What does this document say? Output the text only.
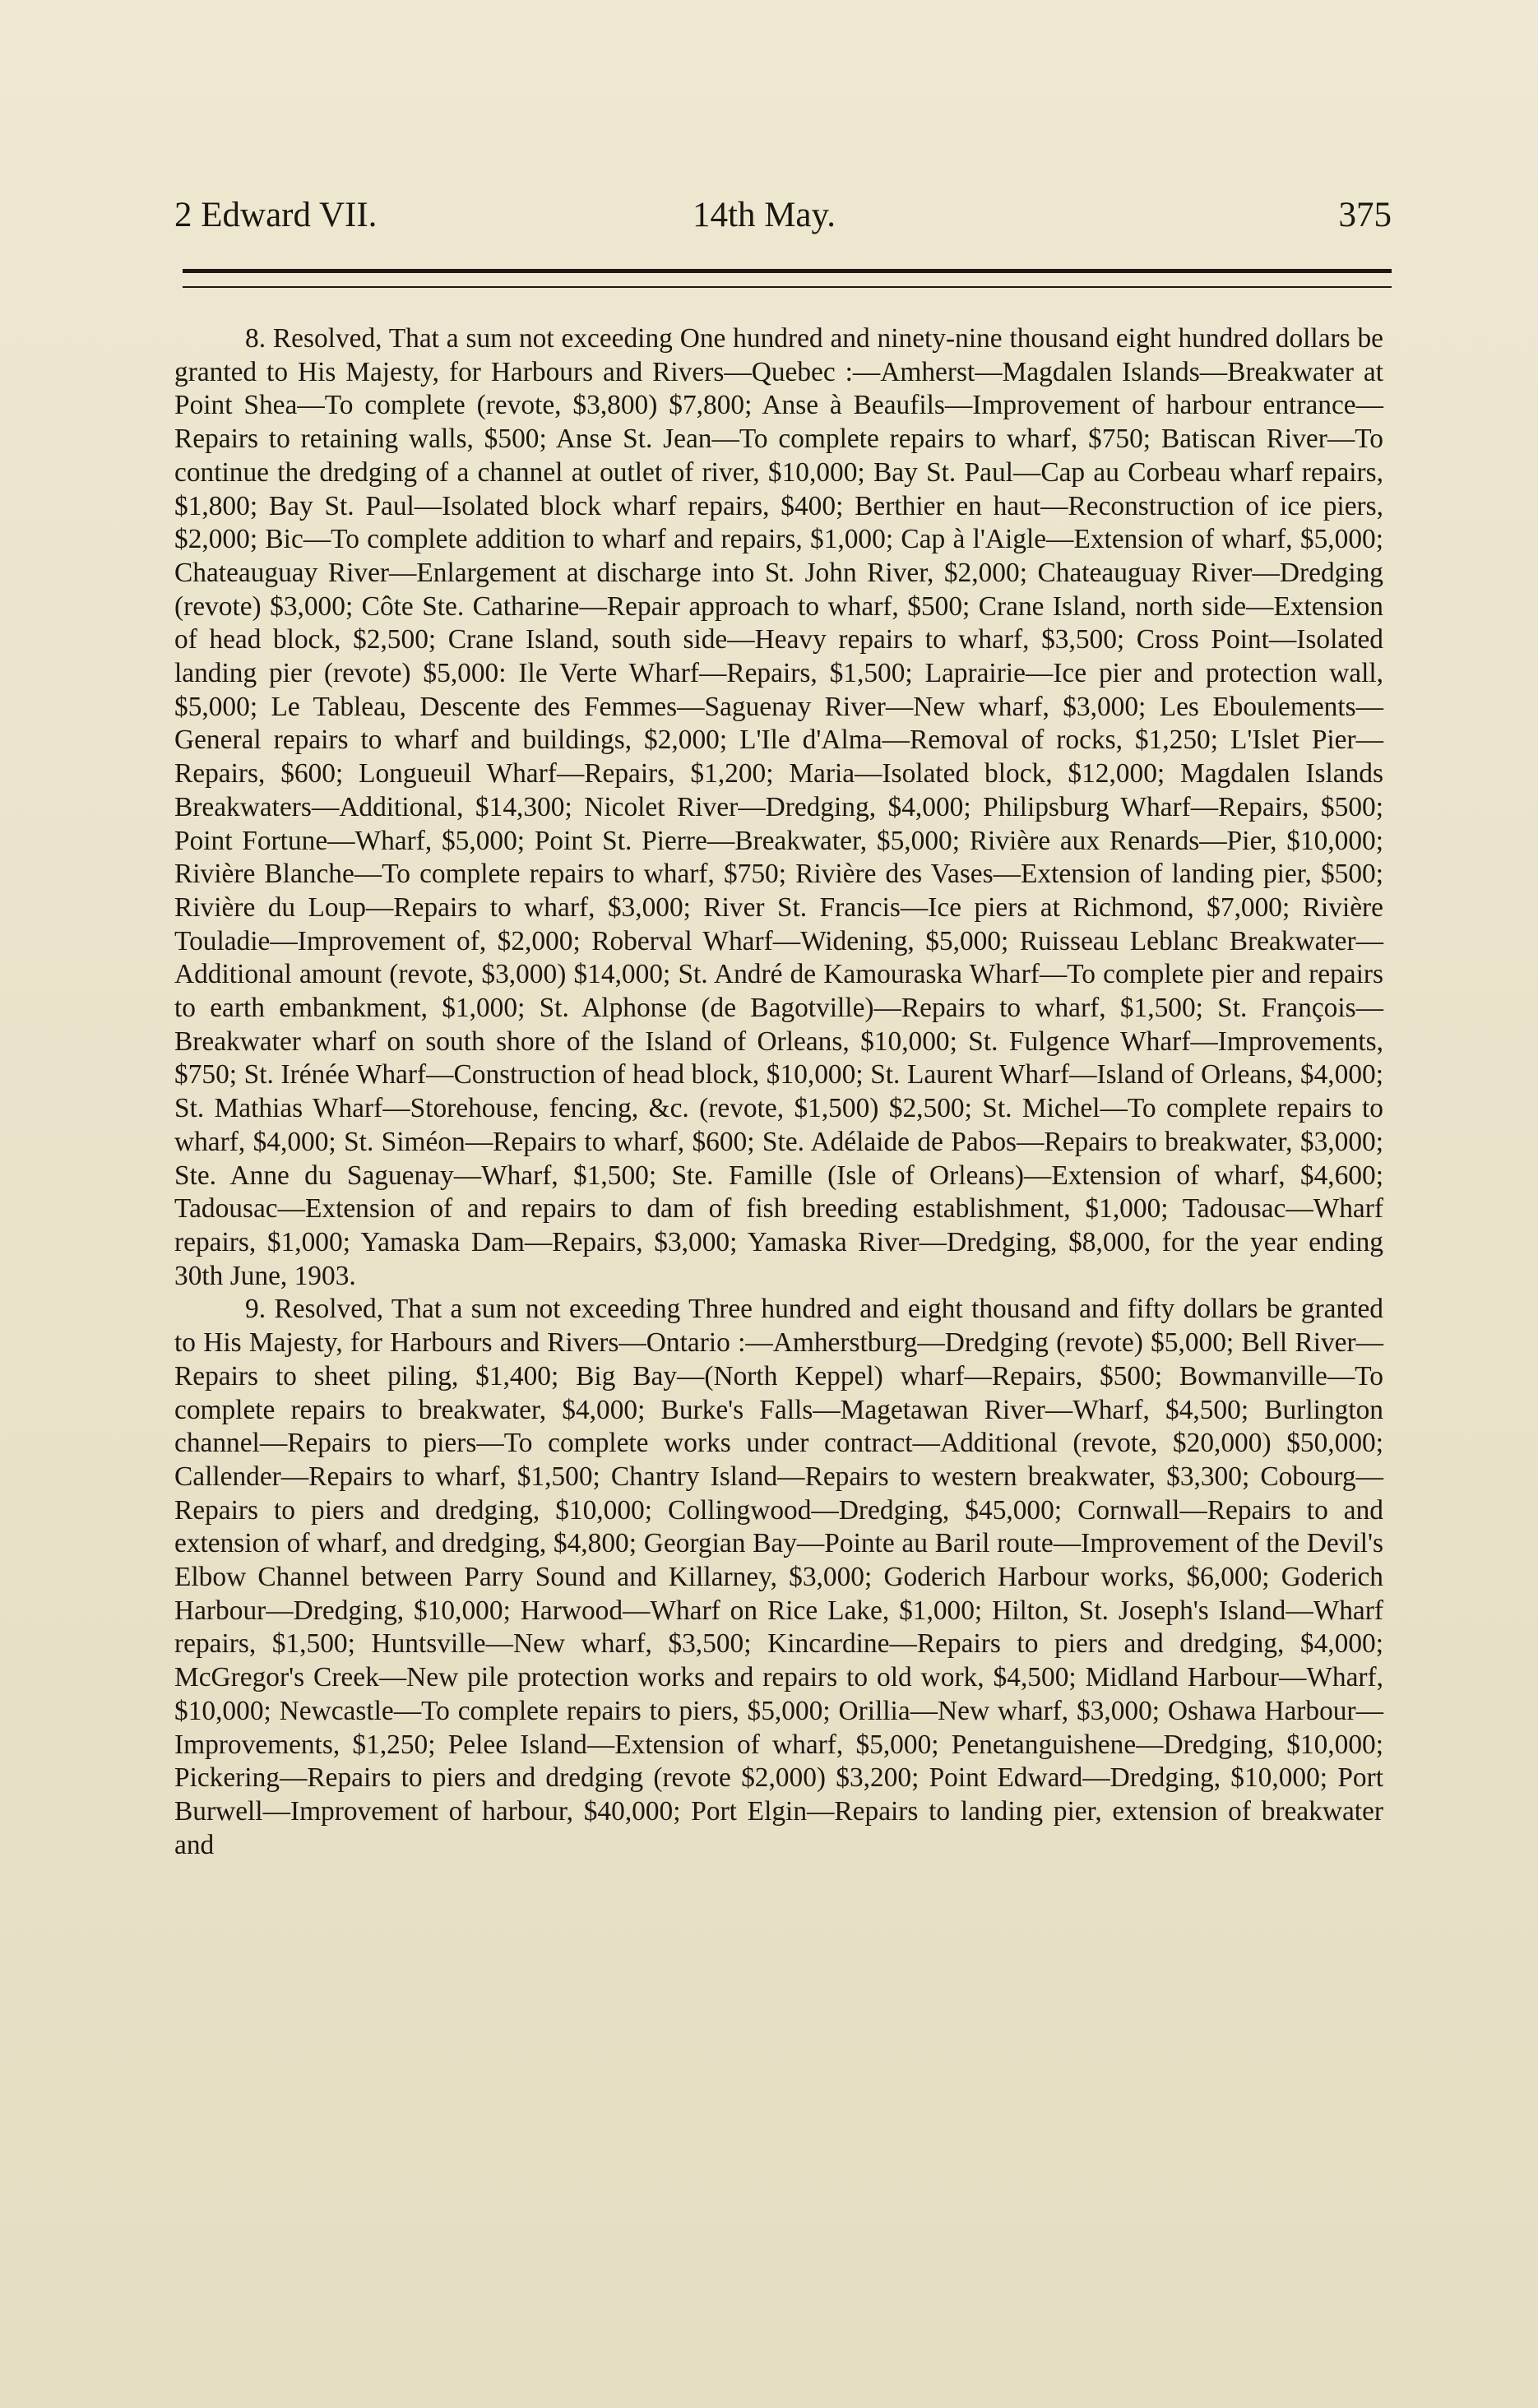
2 Edward VII.	14th May.	375

8. Resolved, That a sum not exceeding One hundred and ninety-nine thousand eight hundred dollars be granted to His Majesty, for Harbours and Rivers—Quebec :—Amherst—Magdalen Islands—Breakwater at Point Shea—To complete (revote, $3,800) $7,800; Anse à Beaufils—Improvement of harbour entrance—Repairs to retaining walls, $500; Anse St. Jean—To complete repairs to wharf, $750; Batiscan River—To continue the dredging of a channel at outlet of river, $10,000; Bay St. Paul—Cap au Corbeau wharf repairs, $1,800; Bay St. Paul—Isolated block wharf repairs, $400; Berthier en haut—Reconstruction of ice piers, $2,000; Bic—To complete addition to wharf and repairs, $1,000; Cap à l'Aigle—Extension of wharf, $5,000; Chateauguay River—Enlargement at discharge into St. John River, $2,000; Chateauguay River—Dredging (revote) $3,000; Côte Ste. Catharine—Repair approach to wharf, $500; Crane Island, north side—Extension of head block, $2,500; Crane Island, south side—Heavy repairs to wharf, $3,500; Cross Point—Isolated landing pier (revote) $5,000: Ile Verte Wharf—Repairs, $1,500; Laprairie—Ice pier and protection wall, $5,000; Le Tableau, Descente des Femmes—Saguenay River—New wharf, $3,000; Les Eboulements—General repairs to wharf and buildings, $2,000; L'Ile d'Alma—Removal of rocks, $1,250; L'Islet Pier—Repairs, $600; Longueuil Wharf—Repairs, $1,200; Maria—Isolated block, $12,000; Magdalen Islands Breakwaters—Additional, $14,300; Nicolet River—Dredging, $4,000; Philipsburg Wharf—Repairs, $500; Point Fortune—Wharf, $5,000; Point St. Pierre—Breakwater, $5,000; Rivière aux Renards—Pier, $10,000; Rivière Blanche—To complete repairs to wharf, $750; Rivière des Vases—Extension of landing pier, $500; Rivière du Loup—Repairs to wharf, $3,000; River St. Francis—Ice piers at Richmond, $7,000; Rivière Touladie—Improvement of, $2,000; Roberval Wharf—Widening, $5,000; Ruisseau Leblanc Breakwater—Additional amount (revote, $3,000) $14,000; St. André de Kamouraska Wharf—To complete pier and repairs to earth embankment, $1,000; St. Alphonse (de Bagotville)—Repairs to wharf, $1,500; St. François—Breakwater wharf on south shore of the Island of Orleans, $10,000; St. Fulgence Wharf—Improvements, $750; St. Irénée Wharf—Construction of head block, $10,000; St. Laurent Wharf—Island of Orleans, $4,000; St. Mathias Wharf—Storehouse, fencing, &c. (revote, $1,500) $2,500; St. Michel—To complete repairs to wharf, $4,000; St. Siméon—Repairs to wharf, $600; Ste. Adélaide de Pabos—Repairs to breakwater, $3,000; Ste. Anne du Saguenay—Wharf, $1,500; Ste. Famille (Isle of Orleans)—Extension of wharf, $4,600; Tadousac—Extension of and repairs to dam of fish breeding establishment, $1,000; Tadousac—Wharf repairs, $1,000; Yamaska Dam—Repairs, $3,000; Yamaska River—Dredging, $8,000, for the year ending 30th June, 1903.

9. Resolved, That a sum not exceeding Three hundred and eight thousand and fifty dollars be granted to His Majesty, for Harbours and Rivers—Ontario :—Amherstburg—Dredging (revote) $5,000; Bell River—Repairs to sheet piling, $1,400; Big Bay—(North Keppel) wharf—Repairs, $500; Bowmanville—To complete repairs to breakwater, $4,000; Burke's Falls—Magetawan River—Wharf, $4,500; Burlington channel—Repairs to piers—To complete works under contract—Additional (revote, $20,000) $50,000; Callender—Repairs to wharf, $1,500; Chantry Island—Repairs to western breakwater, $3,300; Cobourg—Repairs to piers and dredging, $10,000; Collingwood—Dredging, $45,000; Cornwall—Repairs to and extension of wharf, and dredging, $4,800; Georgian Bay—Pointe au Baril route—Improvement of the Devil's Elbow Channel between Parry Sound and Killarney, $3,000; Goderich Harbour works, $6,000; Goderich Harbour—Dredging, $10,000; Harwood—Wharf on Rice Lake, $1,000; Hilton, St. Joseph's Island—Wharf repairs, $1,500; Huntsville—New wharf, $3,500; Kincardine—Repairs to piers and dredging, $4,000; McGregor's Creek—New pile protection works and repairs to old work, $4,500; Midland Harbour—Wharf, $10,000; Newcastle—To complete repairs to piers, $5,000; Orillia—New wharf, $3,000; Oshawa Harbour—Improvements, $1,250; Pelee Island—Extension of wharf, $5,000; Penetanguishene—Dredging, $10,000; Pickering—Repairs to piers and dredging (revote $2,000) $3,200; Point Edward—Dredging, $10,000; Port Burwell—Improvement of harbour, $40,000; Port Elgin—Repairs to landing pier, extension of breakwater and
